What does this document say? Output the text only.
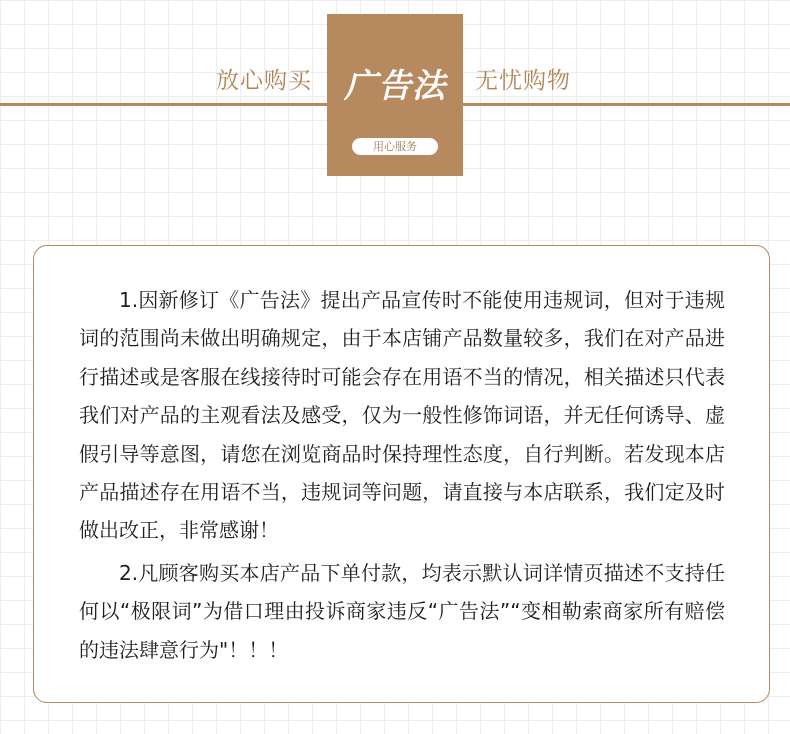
放心购买	无忧购物
广告法
用心服务

1.因新修订《广告法》提出产品宣传时不能使用违规词，但对于违规词的范围尚未做出明确规定，由于本店铺产品数量较多，我们在对产品进行描述或是客服在线接待时可能会存在用语不当的情况，相关描述只代表我们对产品的主观看法及感受，仅为一般性修饰词语，并无任何诱导、虚假引导等意图，请您在浏览商品时保持理性态度，自行判断。若发现本店产品描述存在用语不当，违规词等问题，请直接与本店联系，我们定及时做出改正，非常感谢！

2.凡顾客购买本店产品下单付款，均表示默认词详情页描述不支持任何以“极限词”为借口理由投诉商家违反“广告法”“变相勒索商家所有赔偿的违法肆意行为"！！！
